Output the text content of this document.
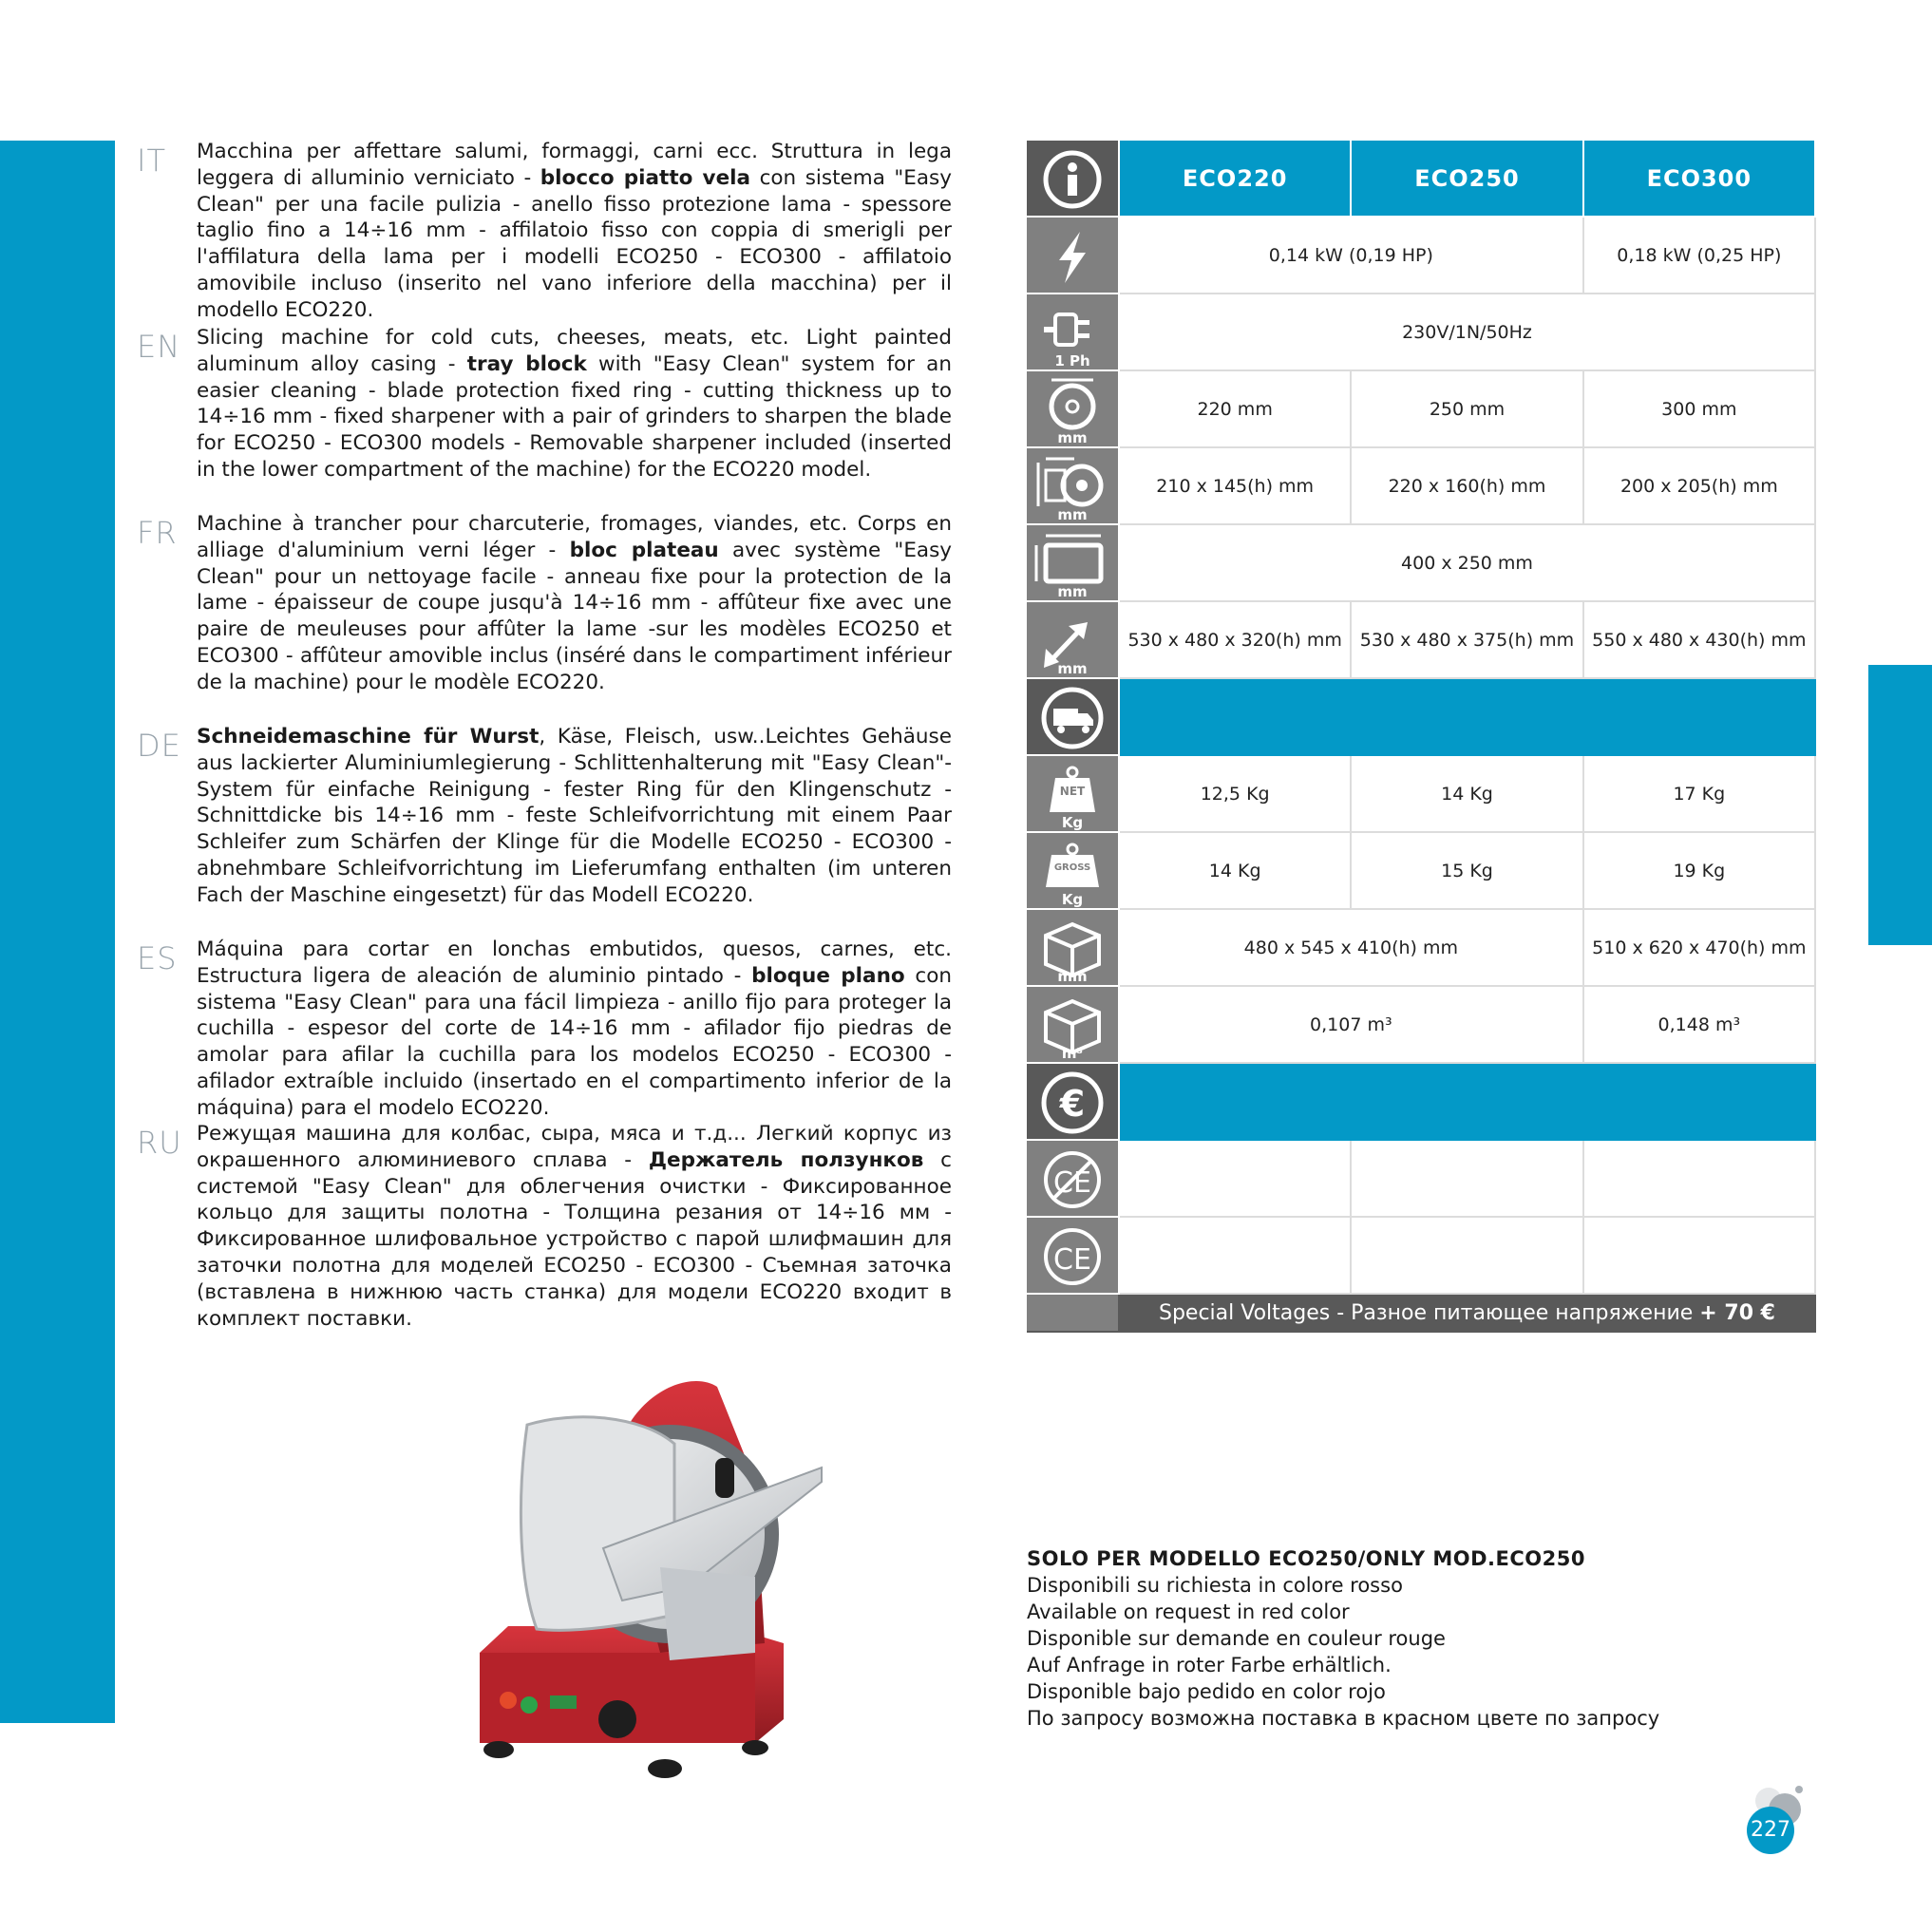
IT Macchina per affettare salumi, formaggi, carni ecc. Struttura in lega leggera di alluminio verniciato - blocco piatto vela con sistema "Easy Clean" per una facile pulizia - anello fisso protezione lama - spessore taglio fino a 14÷16 mm - affilatoio fisso con coppia di smerigli per l'affilatura della lama per i modelli ECO250 - ECO300 - affilatoio amovibile incluso (inserito nel vano inferiore della macchina) per il modello ECO220.
EN Slicing machine for cold cuts, cheeses, meats, etc. Light painted aluminum alloy casing - tray block with "Easy Clean" system for an easier cleaning - blade protection fixed ring - cutting thickness up to 14÷16 mm - fixed sharpener with a pair of grinders to sharpen the blade for ECO250 - ECO300 models - Removable sharpener included (inserted in the lower compartment of the machine) for the ECO220 model.
FR Machine à trancher pour charcuterie, fromages, viandes, etc. Corps en alliage d'aluminium verni léger - bloc plateau avec système "Easy Clean" pour un nettoyage facile - anneau fixe pour la protection de la lame - épaisseur de coupe jusqu'à 14÷16 mm - affûteur fixe avec une paire de meuleuses pour affûter la lame -sur les modèles ECO250 et ECO300 - affûteur amovible inclus (inséré dans le compartiment inférieur de la machine) pour le modèle ECO220.
DE Schneidemaschine für Wurst, Käse, Fleisch, usw..Leichtes Gehäuse aus lackierter Aluminiumlegierung - Schlittenhalterung mit "Easy Clean"-System für einfache Reinigung - fester Ring für den Klingenschutz - Schnittdicke bis 14÷16 mm - feste Schleifvorrichtung mit einem Paar Schleifer zum Schärfen der Klinge für die Modelle ECO250 - ECO300 - abnehmbare Schleifvorrichtung im Lieferumfang enthalten (im unteren Fach der Maschine eingesetzt) für das Modell ECO220.
ES Máquina para cortar en lonchas embutidos, quesos, carnes, etc. Estructura ligera de aleación de aluminio pintado - bloque plano con sistema "Easy Clean" para una fácil limpieza - anillo fijo para proteger la cuchilla - espesor del corte de 14÷16 mm - afilador fijo piedras de amolar para afilar la cuchilla para los modelos ECO250 - ECO300 - afilador extraíble incluido (insertado en el compartimento inferior de la máquina) para el modelo ECO220.
RU Режущая машина для колбас, сыра, мяса и т.д... Легкий корпус из окрашенного алюминиевого сплава - Держатель ползунков с системой "Easy Clean" для облегчения очистки - Фиксированное кольцо для защиты полотна - Толщина резания от 14÷16 мм - Фиксированное шлифовальное устройство с парой шлифмашин для заточки полотна для моделей ECO250 - ECO300 - Съемная заточка (вставлена в нижнюю часть станка) для модели ECO220 входит в комплект поставки.
	ECO220	ECO250	ECO300

	0,14 kW (0,19 HP)		0,18 kW (0,25 HP)

1 Ph	230V/1N/50Hz		

mm	220 mm	250 mm	300 mm

mm	210 x 145(h) mm	220 x 160(h) mm	200 x 205(h) mm

mm	400 x 250 mm		

mm	530 x 480 x 320(h) mm	530 x 480 x 375(h) mm	550 x 480 x 430(h) mm

NET
Kg	12,5 Kg	14 Kg	17 Kg

GROSS
Kg	14 Kg	15 Kg	19 Kg

mm	480 x 545 x 410(h) mm		510 x 620 x 470(h) mm

m³	0,107 m³		0,148 m³

€			

CE			

CE			

	Special Voltages - Разное питающее напряжение + 70 €		
SOLO PER MODELLO ECO250/ONLY MOD.ECO250
Disponibili su richiesta in colore rosso
Available on request in red color
Disponible sur demande en couleur rouge
Auf Anfrage in roter Farbe erhältlich.
Disponible bajo pedido en color rojo
По запросу возможна поставка в красном цвете по запросу
227
